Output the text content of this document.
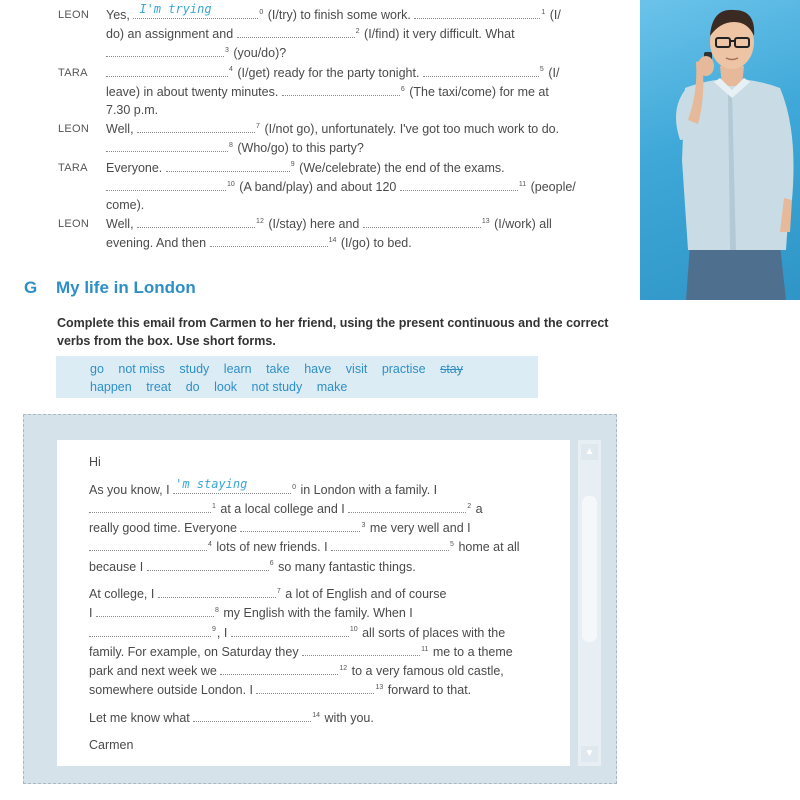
LEON	Yes, I'm trying	$^0$ (I/try) to finish some work.	$^1$ (I/
do) an assignment and	$^2$ (I/find) it very difficult. What
$^3$ (you/do)?
TARA	$^4$ (I/get) ready for the party tonight.	$^5$ (I/
leave) in about twenty minutes.	$^6$ (The taxi/come) for me at
7.30 p.m.
LEON	Well,	$^7$ (I/not go), unfortunately. I've got too much work to do.
$^8$ (Who/go) to this party?
TARA	Everyone.	$^9$ (We/celebrate) the end of the exams.
$^{10}$ (A band/play) and about 120	$^{11}$ (people/
come).
LEON	Well,	$^{12}$ (I/stay) here and	$^{13}$ (I/work) all
evening. And then	$^{14}$ (I/go) to bed.
G My life in London
Complete this email from Carmen to her friend, using the present continuous and the correct verbs from the box. Use short forms.
go not miss study learn take have visit practise stay
happen treat do look not study make
▲
▼

Hi

As you know, I 'm staying	$^0$ in London with a family. I
$^1$ at a local college and I	$^2$ a
really good time. Everyone	$^3$ me very well and I
$^4$ lots of new friends. I	$^5$ home at all
because I	$^6$ so many fantastic things.

At college, I	$^7$ a lot of English and of course
I	$^8$ my English with the family. When I
$^9$, I	$^{10}$ all sorts of places with the
family. For example, on Saturday they	$^{11}$ me to a theme
park and next week we	$^{12}$ to a very famous old castle,
somewhere outside London. I	$^{13}$ forward to that.

Let me know what	$^{14}$ with you.

Carmen
